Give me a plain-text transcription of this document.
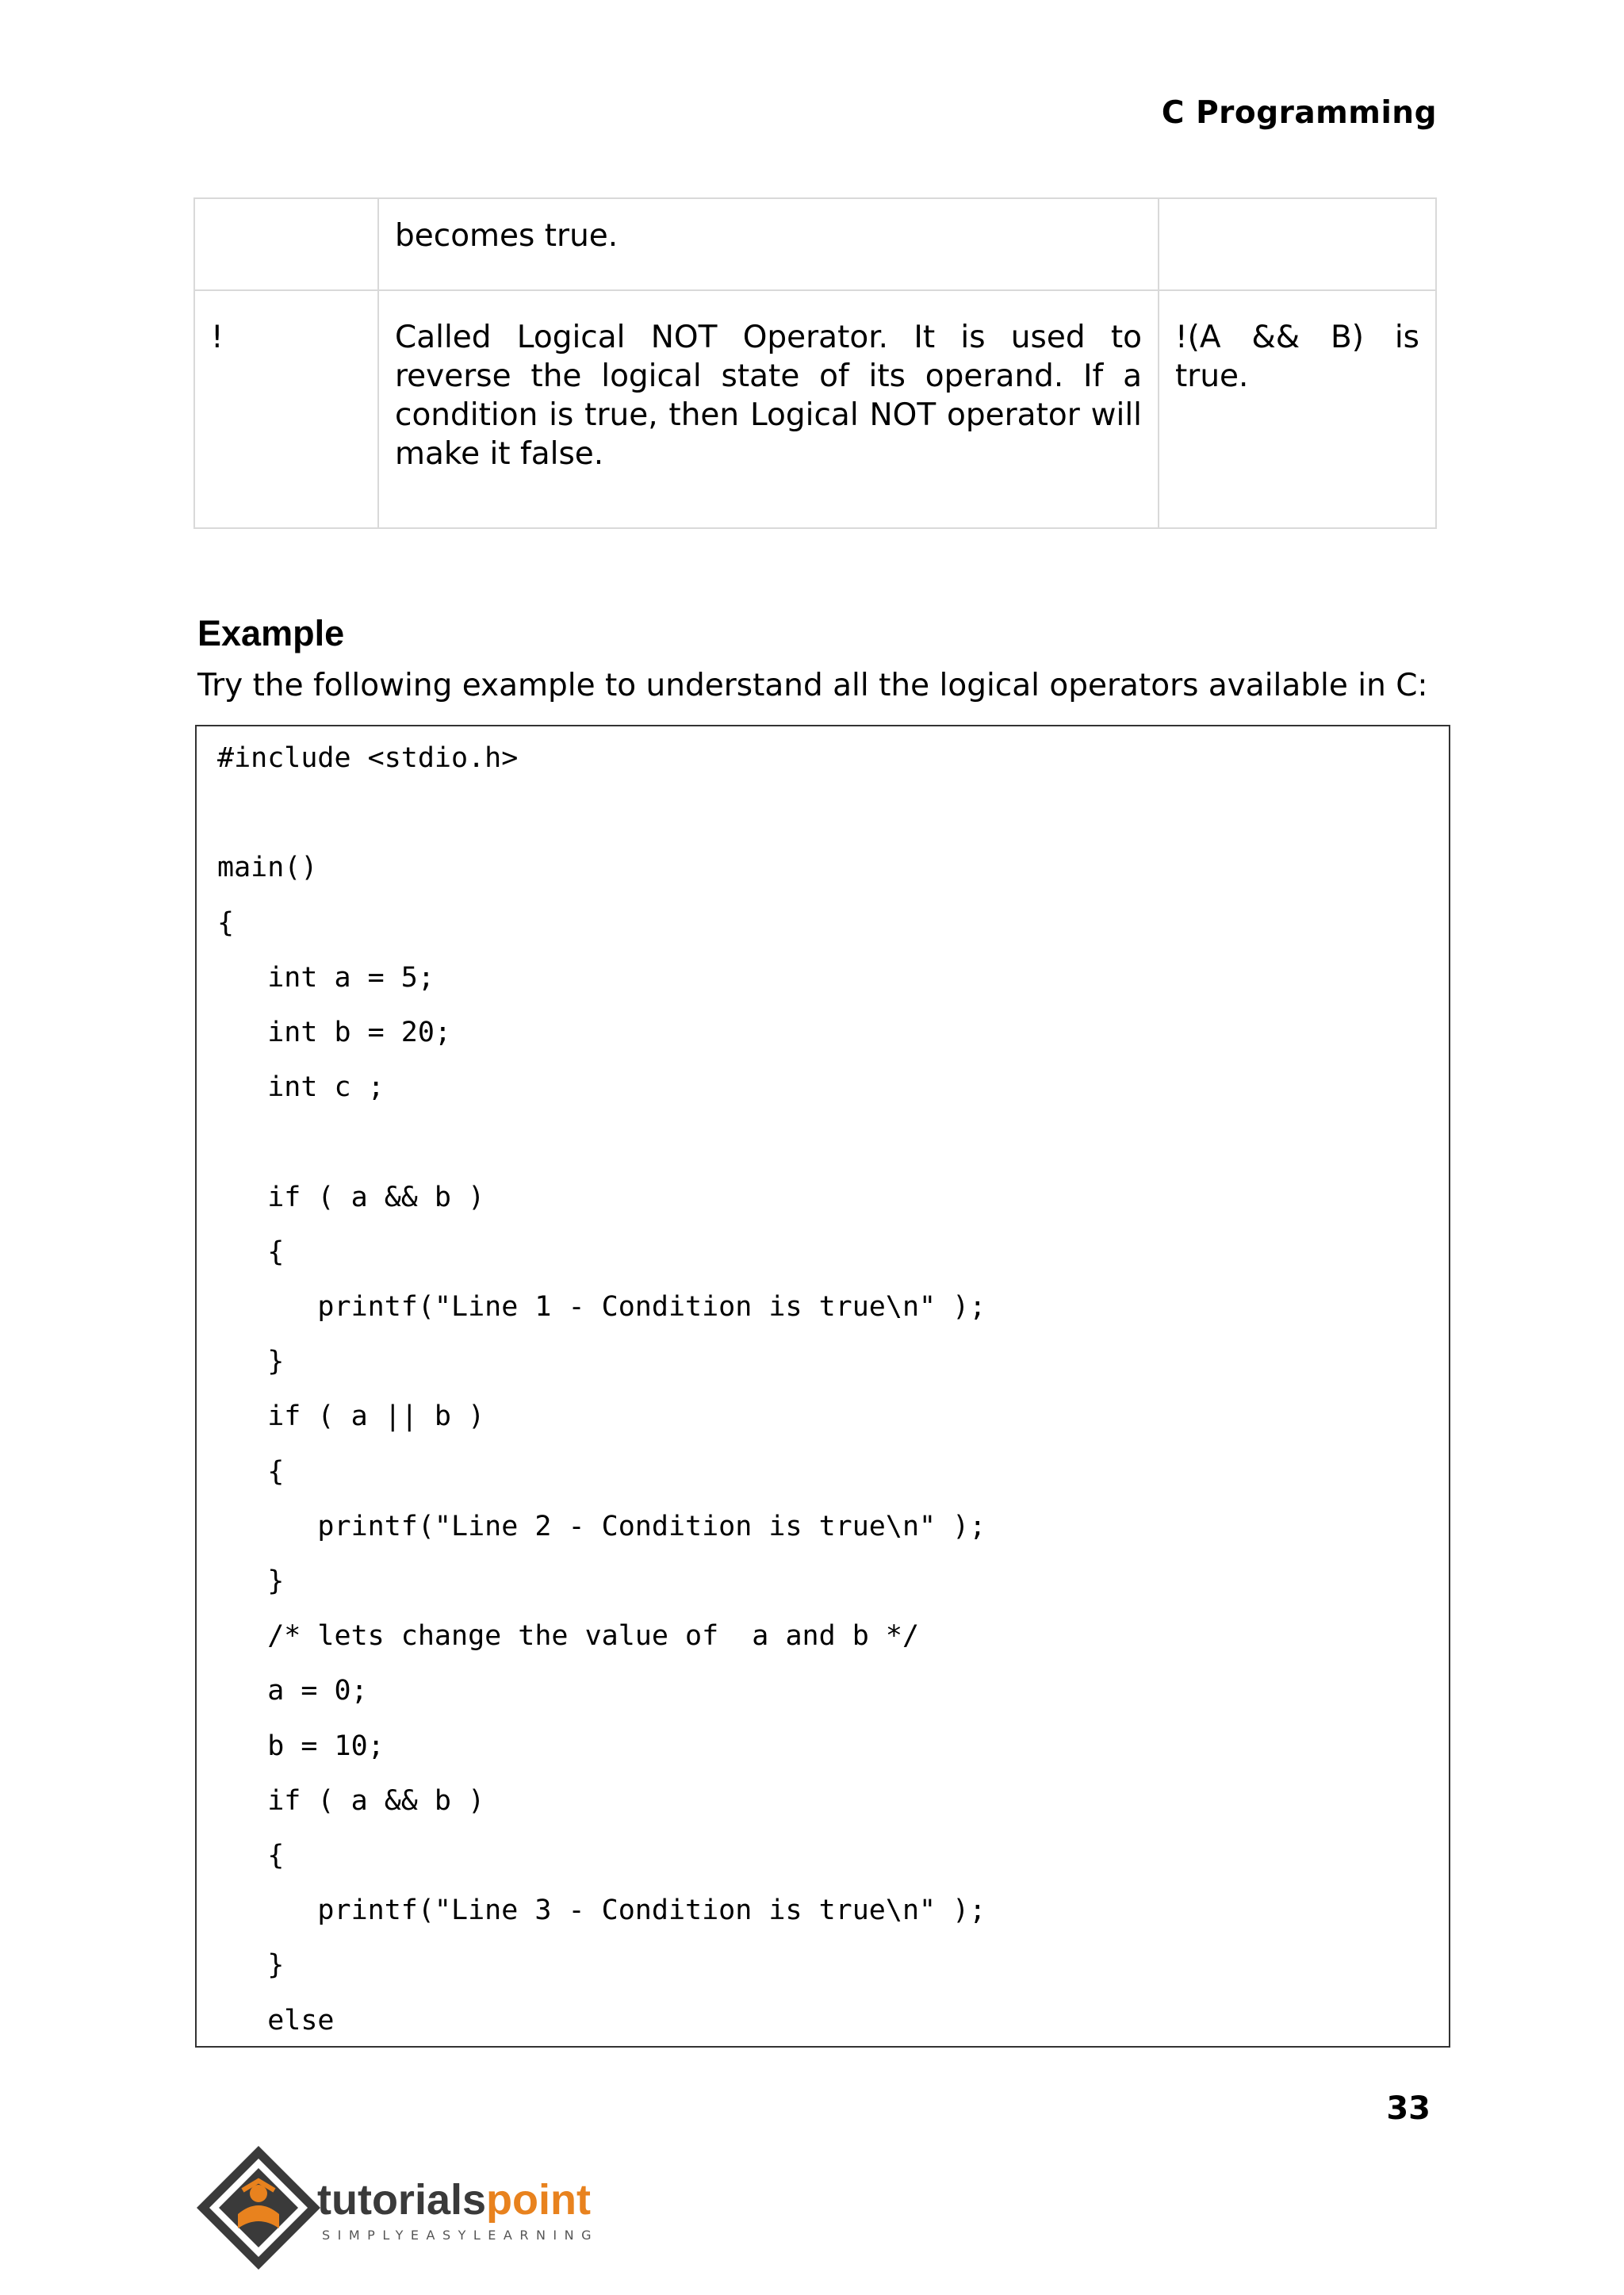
C Programming
	becomes true.	
!	Called Logical NOT Operator. It is used to reverse the logical state of its operand. If a condition is true, then Logical NOT operator will make it false.	!(A && B) is true.
Example
Try the following example to understand all the logical operators available in C:
#include <stdio.h>
main()
{
int a = 5;
int b = 20;
int c ;
if ( a && b )
{
printf("Line 1 - Condition is true\n" );
}
if ( a || b )
{
printf("Line 2 - Condition is true\n" );
}
/* lets change the value of  a and b */
a = 0;
b = 10;
if ( a && b )
{
printf("Line 3 - Condition is true\n" );
}
else
33
tutorialspoint
SIMPLYEASYLEARNING
